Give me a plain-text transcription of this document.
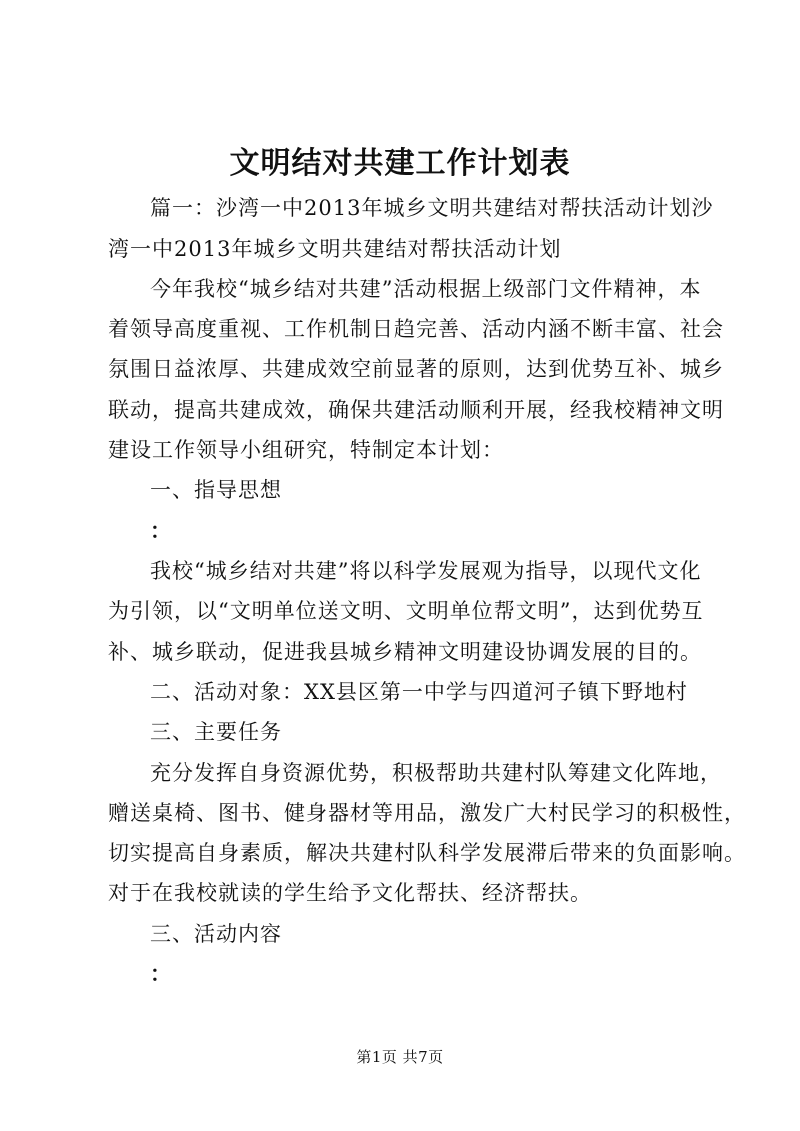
文明结对共建工作计划表
篇一：沙湾一中2013年城乡文明共建结对帮扶活动计划沙
湾一中2013年城乡文明共建结对帮扶活动计划
今年我校“城乡结对共建”活动根据上级部门文件精神，本
着领导高度重视、工作机制日趋完善、活动内涵不断丰富、社会
氛围日益浓厚、共建成效空前显著的原则，达到优势互补、城乡
联动，提高共建成效，确保共建活动顺利开展，经我校精神文明
建设工作领导小组研究，特制定本计划：
一、指导思想
：
我校“城乡结对共建”将以科学发展观为指导，以现代文化
为引领，以“文明单位送文明、文明单位帮文明”，达到优势互
补、城乡联动，促进我县城乡精神文明建设协调发展的目的。
二、活动对象：XX县区第一中学与四道河子镇下野地村
三、主要任务
充分发挥自身资源优势，积极帮助共建村队筹建文化阵地，
赠送桌椅、图书、健身器材等用品，激发广大村民学习的积极性，
切实提高自身素质，解决共建村队科学发展滞后带来的负面影响。
对于在我校就读的学生给予文化帮扶、经济帮扶。
三、活动内容
：
第1页 共7页
